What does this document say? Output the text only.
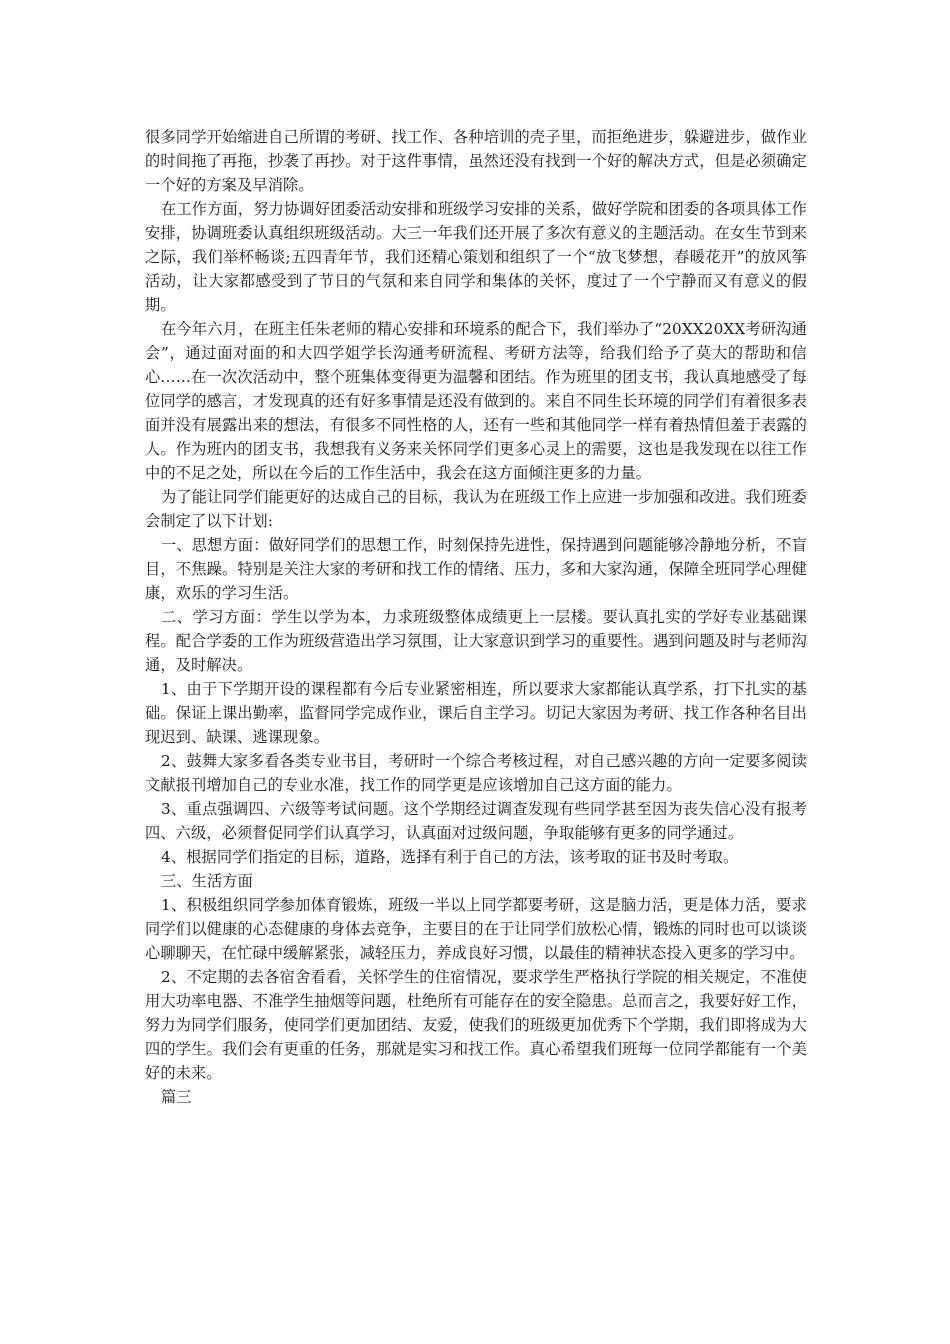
很多同学开始缩进自己所谓的考研、找工作、各种培训的壳子里，而拒绝进步，躲避进步，做作业的时间拖了再拖，抄袭了再抄。对于这件事情，虽然还没有找到一个好的解决方式，但是必须确定一个好的方案及早消除。

在工作方面，努力协调好团委活动安排和班级学习安排的关系，做好学院和团委的各项具体工作安排，协调班委认真组织班级活动。大三一年我们还开展了多次有意义的主题活动。在女生节到来之际，我们举杯畅谈;五四青年节，我们还精心策划和组织了一个“放飞梦想，春暖花开”的放风筝活动，让大家都感受到了节日的气氛和来自同学和集体的关怀，度过了一个宁静而又有意义的假期。

在今年六月，在班主任朱老师的精心安排和环境系的配合下，我们举办了“20XX20XX考研沟通会”，通过面对面的和大四学姐学长沟通考研流程、考研方法等，给我们给予了莫大的帮助和信心……在一次次活动中，整个班集体变得更为温馨和团结。作为班里的团支书，我认真地感受了每位同学的感言，才发现真的还有好多事情是还没有做到的。来自不同生长环境的同学们有着很多表面并没有展露出来的想法，有很多不同性格的人，还有一些和其他同学一样有着热情但羞于表露的人。作为班内的团支书，我想我有义务来关怀同学们更多心灵上的需要，这也是我发现在以往工作中的不足之处，所以在今后的工作生活中，我会在这方面倾注更多的力量。

为了能让同学们能更好的达成自己的目标，我认为在班级工作上应进一步加强和改进。我们班委会制定了以下计划:

一、思想方面：做好同学们的思想工作，时刻保持先进性，保持遇到问题能够冷静地分析，不盲目，不焦躁。特别是关注大家的考研和找工作的情绪、压力，多和大家沟通，保障全班同学心理健康，欢乐的学习生活。

二、学习方面：学生以学为本，力求班级整体成绩更上一层楼。要认真扎实的学好专业基础课程。配合学委的工作为班级营造出学习氛围，让大家意识到学习的重要性。遇到问题及时与老师沟通，及时解决。

1、由于下学期开设的课程都有今后专业紧密相连，所以要求大家都能认真学系，打下扎实的基础。保证上课出勤率，监督同学完成作业，课后自主学习。切记大家因为考研、找工作各种名目出现迟到、缺课、逃课现象。

2、鼓舞大家多看各类专业书目，考研时一个综合考核过程，对自己感兴趣的方向一定要多阅读文献报刊增加自己的专业水准，找工作的同学更是应该增加自己这方面的能力。

3、重点强调四、六级等考试问题。这个学期经过调查发现有些同学甚至因为丧失信心没有报考四、六级，必须督促同学们认真学习，认真面对过级问题，争取能够有更多的同学通过。

4、根据同学们指定的目标，道路，选择有利于自己的方法，该考取的证书及时考取。

三、生活方面

1、积极组织同学参加体育锻炼，班级一半以上同学都要考研，这是脑力活，更是体力活，要求同学们以健康的心态健康的身体去竞争，主要目的在于让同学们放松心情，锻炼的同时也可以谈谈心聊聊天，在忙碌中缓解紧张，减轻压力，养成良好习惯，以最佳的精神状态投入更多的学习中。

2、不定期的去各宿舍看看，关怀学生的住宿情况，要求学生严格执行学院的相关规定，不准使用大功率电器、不准学生抽烟等问题，杜绝所有可能存在的安全隐患。总而言之，我要好好工作，努力为同学们服务，使同学们更加团结、友爱，使我们的班级更加优秀下个学期，我们即将成为大四的学生。我们会有更重的任务，那就是实习和找工作。真心希望我们班每一位同学都能有一个美好的未来。

篇三
